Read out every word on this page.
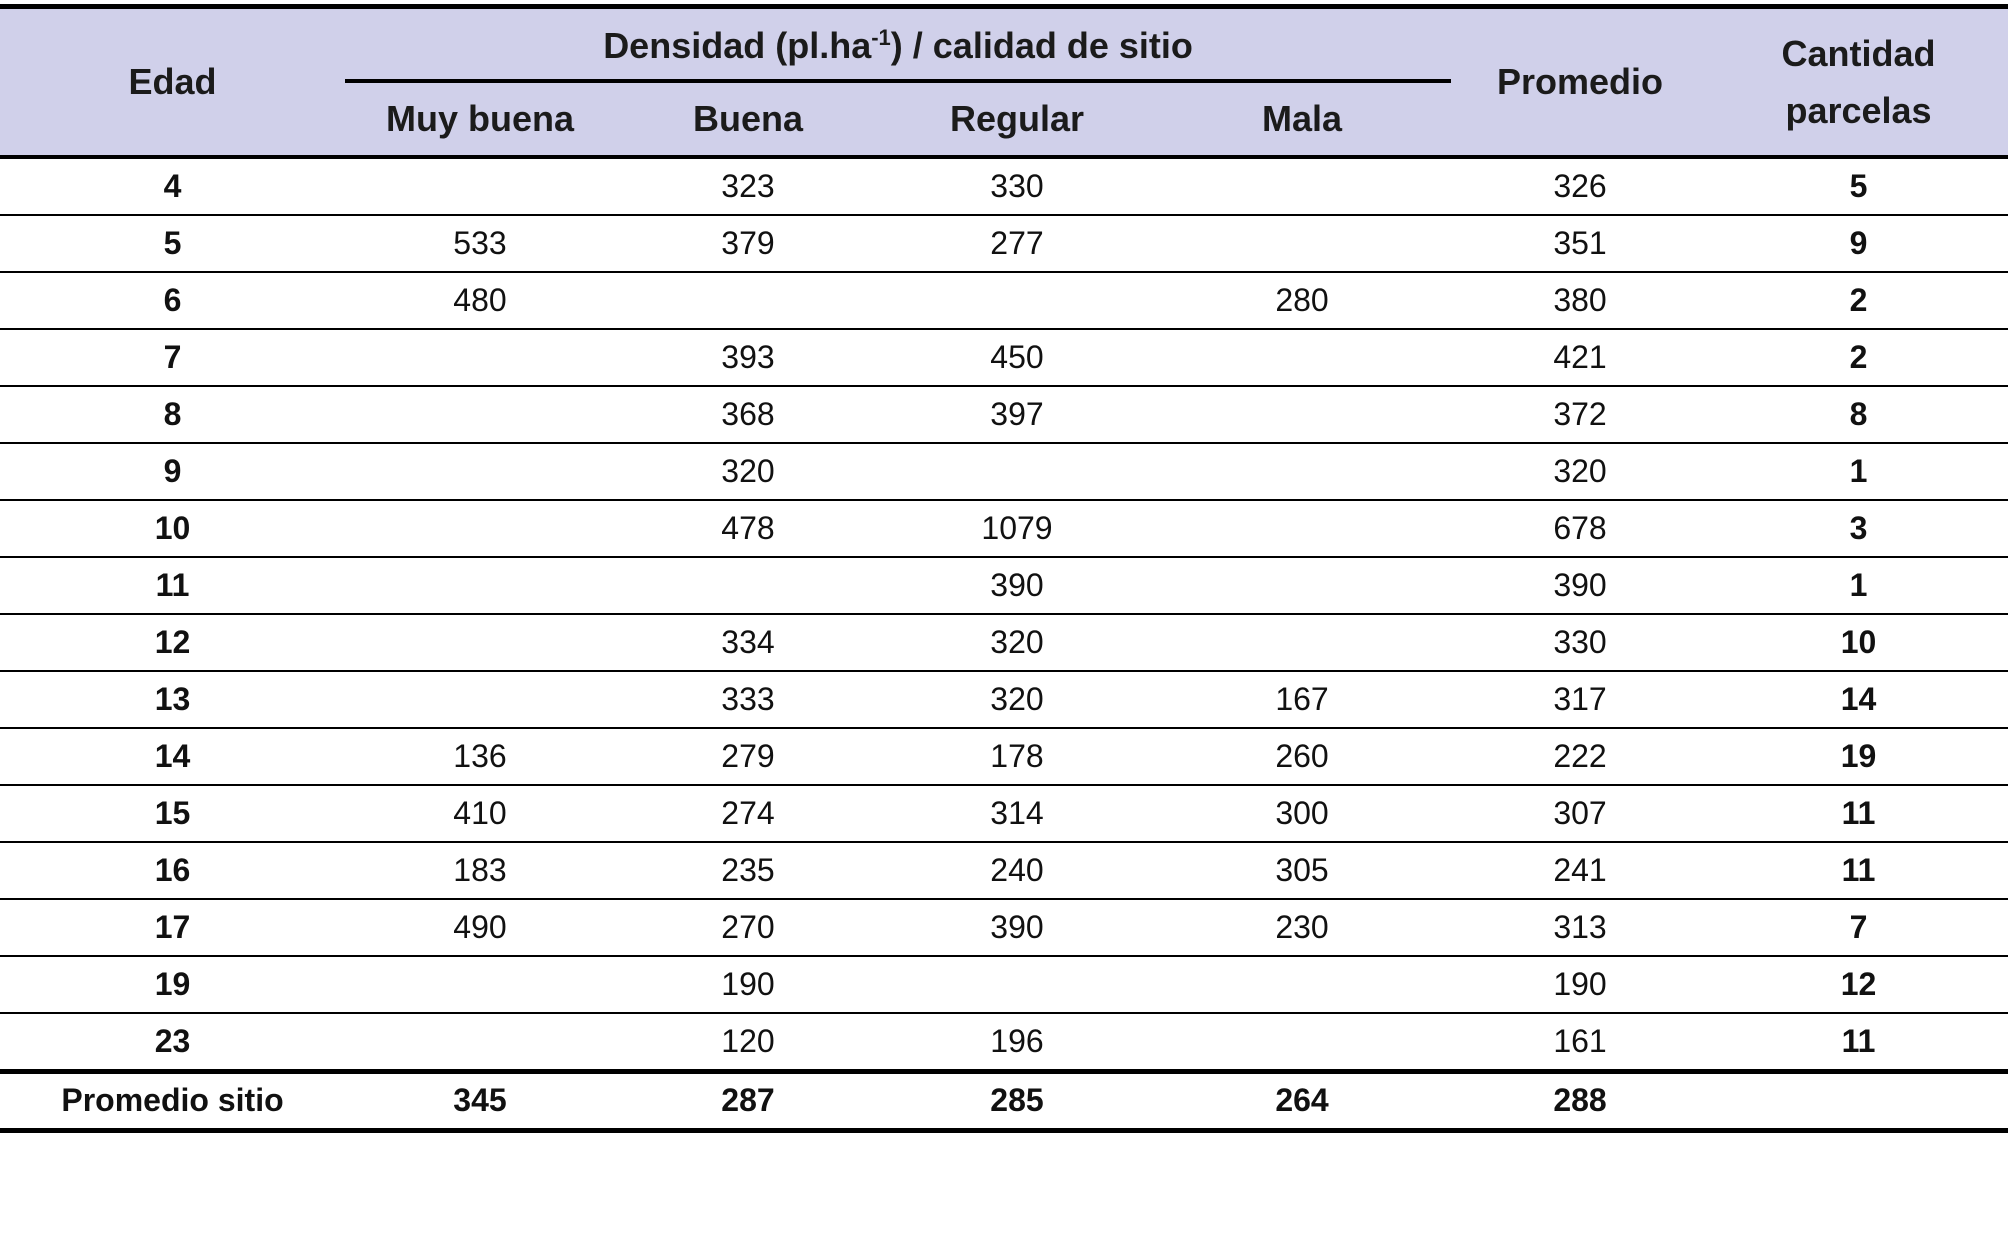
Edad	Densidad $(pl.ha^{-1})$ / calidad de sitio				Promedio	Cantidad
parcelas
	Muy buena	Buena	Regular	Mala		
4		323	330		326	5
5	533	379	277		351	9
6	480			280	380	2
7		393	450		421	2
8		368	397		372	8
9		320			320	1
10		478	1079		678	3
11			390		390	1
12		334	320		330	10
13		333	320	167	317	14
14	136	279	178	260	222	19
15	410	274	314	300	307	11
16	183	235	240	305	241	11
17	490	270	390	230	313	7
19		190			190	12
23		120	196		161	11
Promedio sitio	345	287	285	264	288	
